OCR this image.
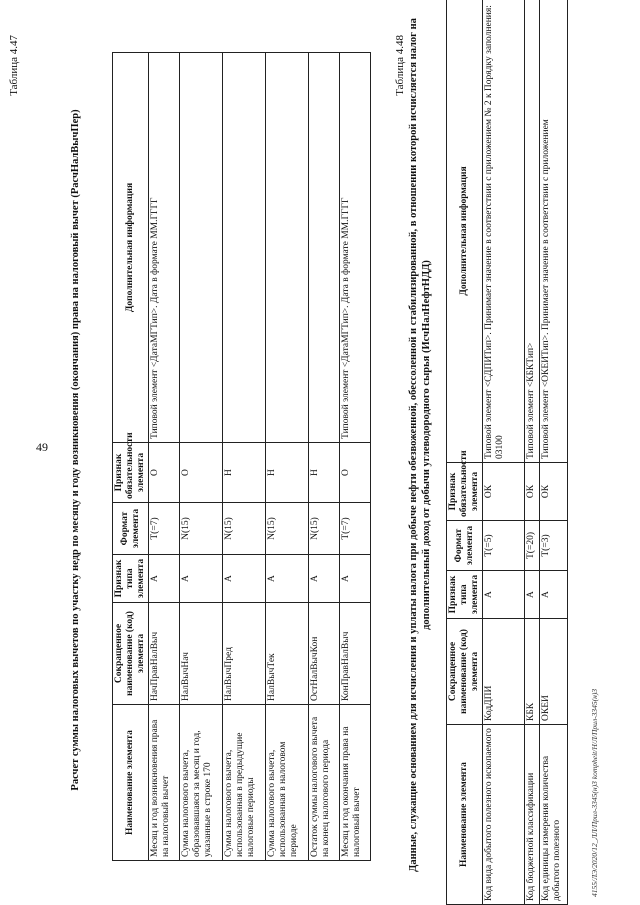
49
Таблица 4.47
Расчет суммы налоговых вычетов по участку недр по месяцу и году возникновения (окончания) права на налоговый вычет (РасчНалВычПер)	Наименование элемента	Сокращенное наименование (код) элемента	Признак типа элемента	Формат элемента	Признак обязательности элемента	Дополнительная информация
Месяц и год возникновения права на налоговый вычет	НачПравНалВыч	А	T(=7)	О	Типовой элемент <ДатаМГТип>. Дата в формате ММ.ГГГГ
Сумма налогового вычета, образовавшаяся за месяц и год, указанные в строке 170	НалВычНач	А	N(15)	О	
Сумма налогового вычета, использованная в предыдущие налоговые периоды	НалВычПред	А	N(15)	Н	
Сумма налогового вычета, использованная в налоговом периоде	НалВычТек	А	N(15)	Н	
Остаток суммы налогового вычета на конец налогового периода	ОстНалВычКон	А	N(15)	Н	
Месяц и год окончания права на налоговый вычет	КонПравНалВыч	А	T(=7)	О	Типовой элемент <ДатаМГТип>. Дата в формате ММ.ГГГГ
Таблица 4.48 Данные, служащие основанием для исчисления и уплаты налога при добыче нефти обезвоженной, обессоленной и стабилизированной, в отношении которой исчисляется налог на дополнительный доход от добычи углеводородного сырья (ИсчНалНефтНДД)
Наименование элемента	Сокращенное наименование (код) элемента	Признак типа элемента	Формат элемента	Признак обязательности элемента	Дополнительная информация
Код вида добытого полезного ископаемого	КодДПИ	А	T(=5)	ОК	Типовой элемент <СДПИТип>. Принимает значение в соответствии с приложением № 2 к Порядку заполнения: 03100
Код бюджетной классификации	КБК	А	T(=20)	ОК	Типовой элемент <КБКТип>
Код единицы измерения количества добытого полезного	ОКЕИ	А	T(=3)	ОК	Типовой элемент <ОКЕИТип>. Принимает значение в соответствии с приложением
4155/ЛЭ/2020/12_ЛЛ/Прил-3345(н)3 kompheit/Н/Л/Прил-3345(н)3
